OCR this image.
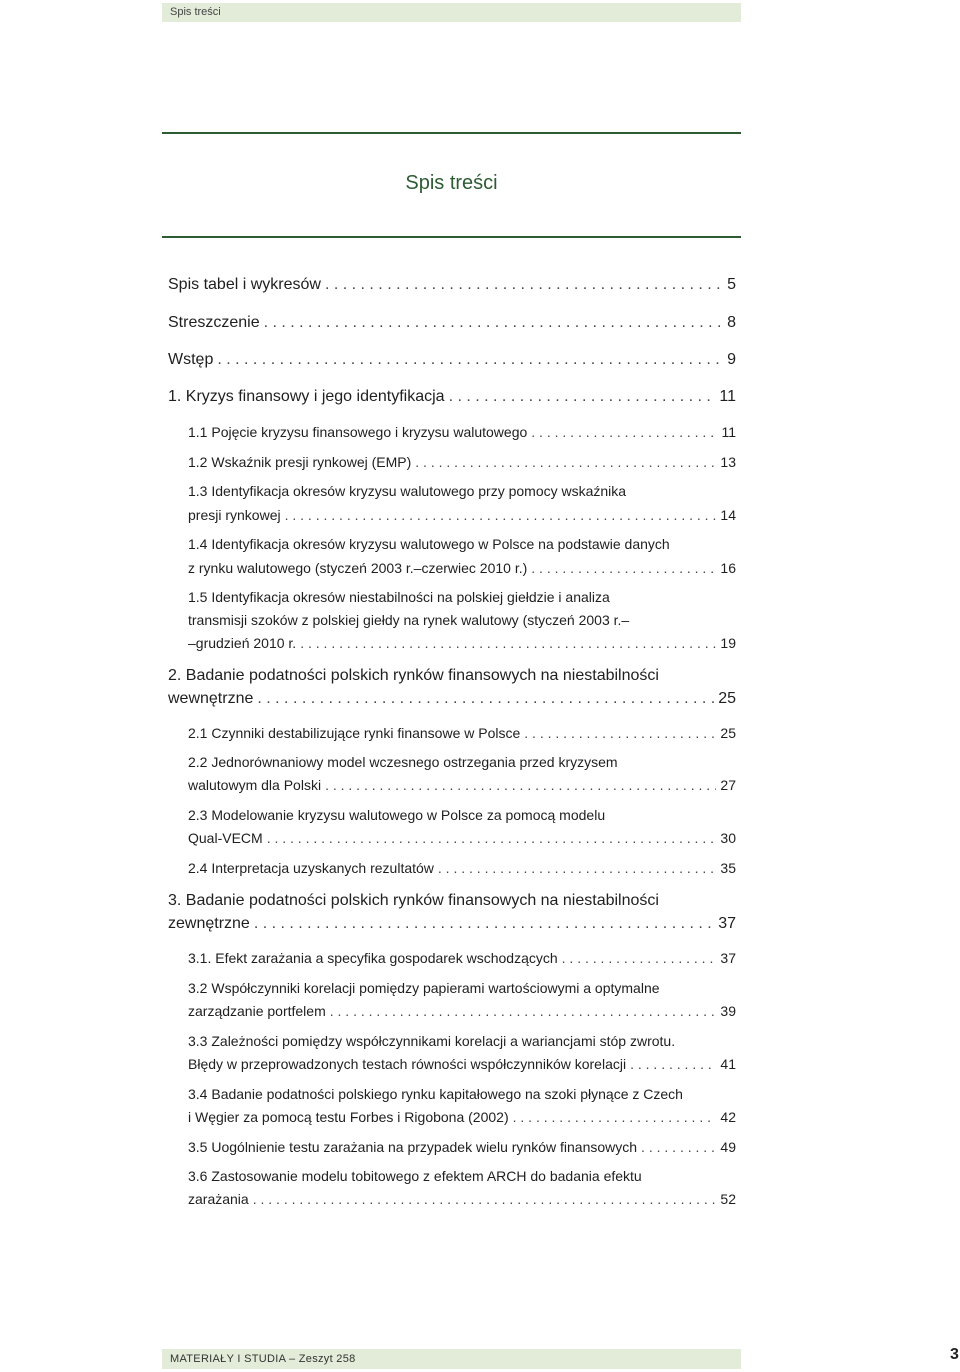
Spis treści
Spis treści
Spis tabel i wykresów . . .	5
Streszczenie . . .	8
Wstęp . . .	9
1. Kryzys finansowy i jego identyfikacja . . .	11
1.1 Pojęcie kryzysu finansowego i kryzysu walutowego . . .	11
1.2 Wskaźnik presji rynkowej (EMP) . . .	13
1.3 Identyfikacja okresów kryzysu walutowego przy pomocy wskaźnika
presji rynkowej . . .	14
1.4 Identyfikacja okresów kryzysu walutowego w Polsce na podstawie danych
z rynku walutowego (styczeń 2003 r.–czerwiec 2010 r.) . . .	16
1.5 Identyfikacja okresów niestabilności na polskiej giełdzie i analiza
transmisji szoków z polskiej giełdy na rynek walutowy (styczeń 2003 r.–
–grudzień 2010 r. . . .	19
2. Badanie podatności polskich rynków finansowych na niestabilności
wewnętrzne . . .	25
2.1 Czynniki destabilizujące rynki finansowe w Polsce . . .	25
2.2 Jednorównaniowy model wczesnego ostrzegania przed kryzysem
walutowym dla Polski . . .	27
2.3 Modelowanie kryzysu walutowego w Polsce za pomocą modelu
Qual-VECM . . .	30
2.4 Interpretacja uzyskanych rezultatów . . .	35
3. Badanie podatności polskich rynków finansowych na niestabilności
zewnętrzne . . .	37
3.1. Efekt zarażania a specyfika gospodarek wschodzących . . .	37
3.2 Współczynniki korelacji pomiędzy papierami wartościowymi a optymalne
zarządzanie portfelem . . .	39
3.3 Zależności pomiędzy współczynnikami korelacji a wariancjami stóp zwrotu.
Błędy w przeprowadzonych testach równości współczynników korelacji . . .	41
3.4 Badanie podatności polskiego rynku kapitałowego na szoki płynące z Czech
i Węgier za pomocą testu Forbes i Rigobona (2002) . . .	42
3.5 Uogólnienie testu zarażania na przypadek wielu rynków finansowych . . .	49
3.6 Zastosowanie modelu tobitowego z efektem ARCH do badania efektu
zarażania . . .	52
MATERIAŁY I STUDIA – Zeszyt 258	3
